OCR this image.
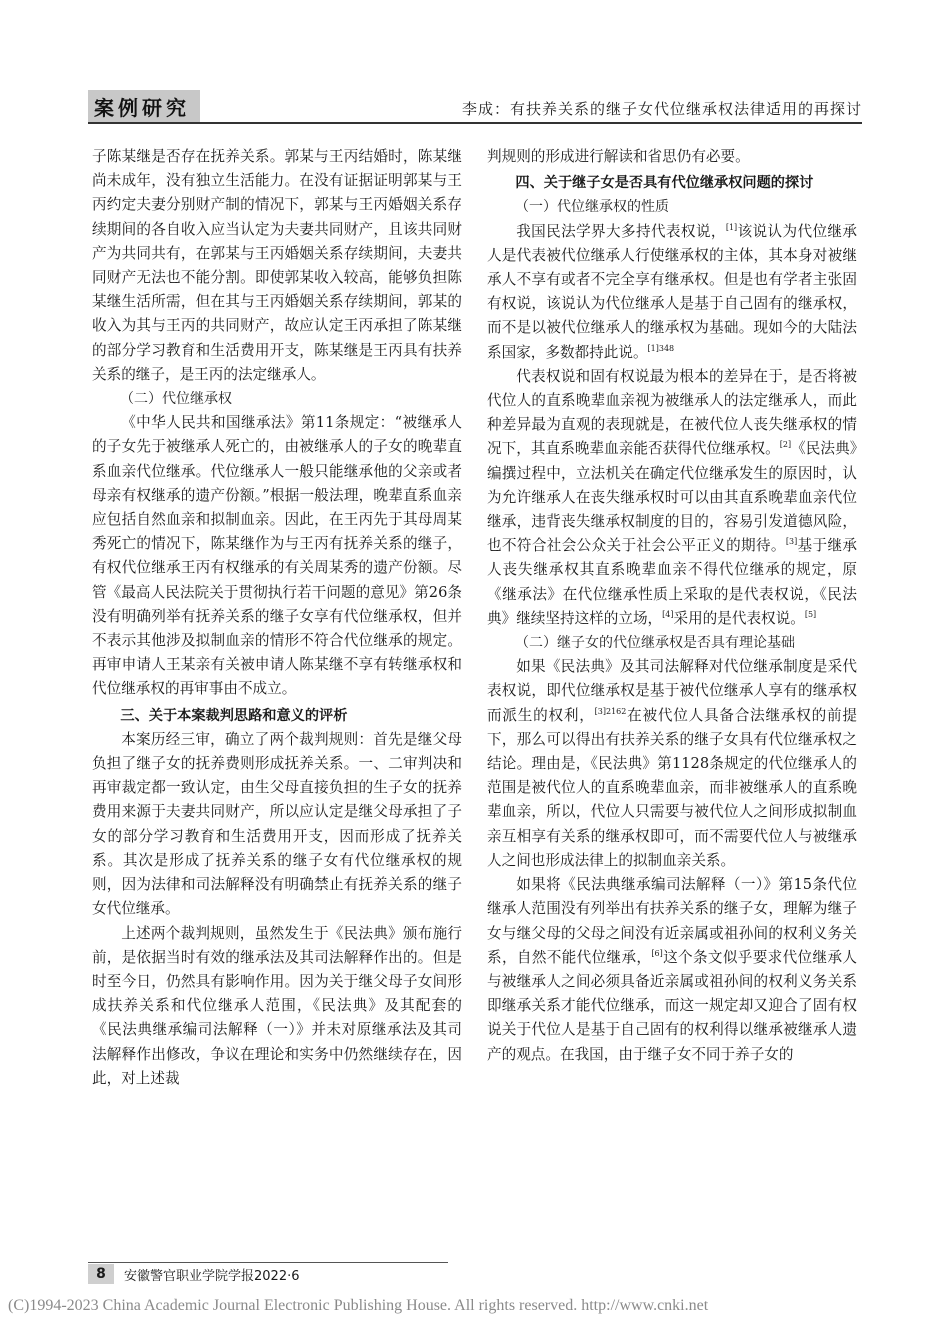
案例研究	李成：有扶养关系的继子女代位继承权法律适用的再探讨

子陈某继是否存在抚养关系。郭某与王丙结婚时，陈某继尚未成年，没有独立生活能力。在没有证据证明郭某与王丙约定夫妻分别财产制的情况下，郭某与王丙婚姻关系存续期间的各自收入应当认定为夫妻共同财产，且该共同财产为共同共有，在郭某与王丙婚姻关系存续期间，夫妻共同财产无法也不能分割。即使郭某收入较高，能够负担陈某继生活所需，但在其与王丙婚姻关系存续期间，郭某的收入为其与王丙的共同财产，故应认定王丙承担了陈某继的部分学习教育和生活费用开支，陈某继是王丙具有扶养关系的继子，是王丙的法定继承人。

（二）代位继承权

《中华人民共和国继承法》第11条规定：“被继承人的子女先于被继承人死亡的，由被继承人的子女的晚辈直系血亲代位继承。代位继承人一般只能继承他的父亲或者母亲有权继承的遗产份额。”根据一般法理，晚辈直系血亲应包括自然血亲和拟制血亲。因此，在王丙先于其母周某秀死亡的情况下，陈某继作为与王丙有抚养关系的继子，有权代位继承王丙有权继承的有关周某秀的遗产份额。尽管《最高人民法院关于贯彻执行若干问题的意见》第26条没有明确列举有抚养关系的继子女享有代位继承权，但并不表示其他涉及拟制血亲的情形不符合代位继承的规定。再审申请人王某亲有关被申请人陈某继不享有转继承权和代位继承权的再审事由不成立。

三、关于本案裁判思路和意义的评析

本案历经三审，确立了两个裁判规则：首先是继父母负担了继子女的抚养费则形成抚养关系。一、二审判决和再审裁定都一致认定，由生父母直接负担的生子女的抚养费用来源于夫妻共同财产，所以应认定是继父母承担了子女的部分学习教育和生活费用开支，因而形成了抚养关系。其次是形成了抚养关系的继子女有代位继承权的规则，因为法律和司法解释没有明确禁止有抚养关系的继子女代位继承。

上述两个裁判规则，虽然发生于《民法典》颁布施行前，是依据当时有效的继承法及其司法解释作出的。但是时至今日，仍然具有影响作用。因为关于继父母子女间形成扶养关系和代位继承人范围，《民法典》及其配套的《民法典继承编司法解释（一）》并未对原继承法及其司法解释作出修改，争议在理论和实务中仍然继续存在，因此，对上述裁

判规则的形成进行解读和省思仍有必要。

四、关于继子女是否具有代位继承权问题的探讨
（一）代位继承权的性质

我国民法学界大多持代表权说，[1]该说认为代位继承人是代表被代位继承人行使继承权的主体，其本身对被继承人不享有或者不完全享有继承权。但是也有学者主张固有权说，该说认为代位继承人是基于自己固有的继承权，而不是以被代位继承人的继承权为基础。现如今的大陆法系国家，多数都持此说。$^{[1]348}$

代表权说和固有权说最为根本的差异在于，是否将被代位人的直系晚辈血亲视为被继承人的法定继承人，而此种差异最为直观的表现就是，在被代位人丧失继承权的情况下，其直系晚辈血亲能否获得代位继承权。[2]《民法典》编撰过程中，立法机关在确定代位继承发生的原因时，认为允许继承人在丧失继承权时可以由其直系晚辈血亲代位继承，违背丧失继承权制度的目的，容易引发道德风险，也不符合社会公众关于社会公平正义的期待。[3]基于继承人丧失继承权其直系晚辈血亲不得代位继承的规定，原《继承法》在代位继承性质上采取的是代表权说，《民法典》继续坚持这样的立场，[4]采用的是代表权说。[5]

（二）继子女的代位继承权是否具有理论基础

如果《民法典》及其司法解释对代位继承制度是采代表权说，即代位继承权是基于被代位继承人享有的继承权而派生的权利，$^{[3]2162}$在被代位人具备合法继承权的前提下，那么可以得出有扶养关系的继子女具有代位继承权之结论。理由是，《民法典》第1128条规定的代位继承人的范围是被代位人的直系晚辈血亲，而非被继承人的直系晚辈血亲，所以，代位人只需要与被代位人之间形成拟制血亲互相享有关系的继承权即可，而不需要代位人与被继承人之间也形成法律上的拟制血亲关系。

如果将《民法典继承编司法解释（一）》第15条代位继承人范围没有列举出有扶养关系的继子女，理解为继子女与继父母的父母之间没有近亲属或祖孙间的权利义务关系，自然不能代位继承，[6]这个条文似乎要求代位继承人与被继承人之间必须具备近亲属或祖孙间的权利义务关系即继承关系才能代位继承，而这一规定却又迎合了固有权说关于代位人是基于自己固有的权利得以继承被继承人遗产的观点。在我国，由于继子女不同于养子女的

8	安徽警官职业学院学报2022·6
(C)1994-2023 China Academic Journal Electronic Publishing House. All rights reserved. http://www.cnki.net
